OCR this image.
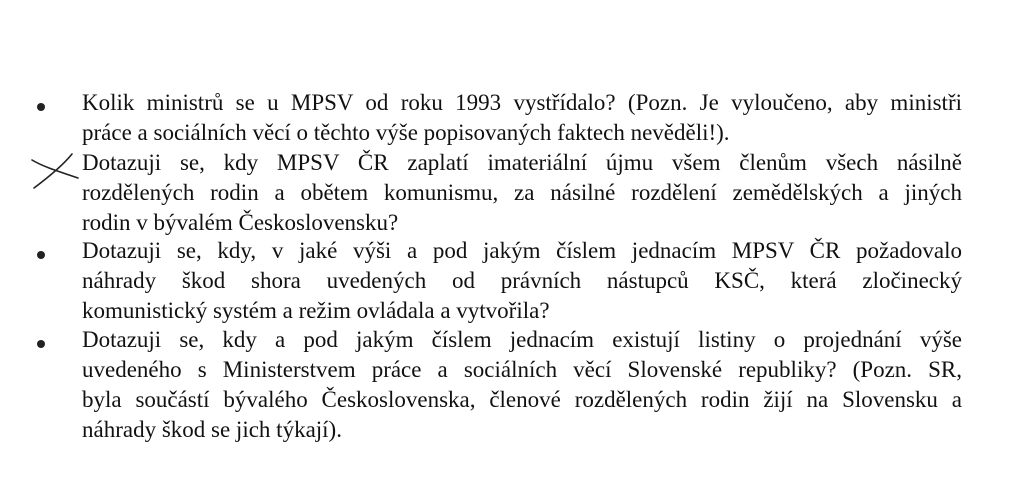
Kolik ministrů se u MPSV od roku 1993 vystřídalo? (Pozn. Je vyloučeno, aby ministři
práce a sociálních věcí o těchto výše popisovaných faktech nevěděli!).
Dotazuji se, kdy MPSV ČR zaplatí imateriální újmu všem členům všech násilně
rozdělených rodin a obětem komunismu, za násilné rozdělení zemědělských a jiných
rodin v bývalém Československu?
Dotazuji se, kdy, v jaké výši a pod jakým číslem jednacím MPSV ČR požadovalo
náhrady škod shora uvedených od právních nástupců KSČ, která zločinecký
komunistický systém a režim ovládala a vytvořila?
Dotazuji se, kdy a pod jakým číslem jednacím existují listiny o projednání výše
uvedeného s Ministerstvem práce a sociálních věcí Slovenské republiky? (Pozn. SR,
byla součástí bývalého Československa, členové rozdělených rodin žijí na Slovensku a
náhrady škod se jich týkají).
